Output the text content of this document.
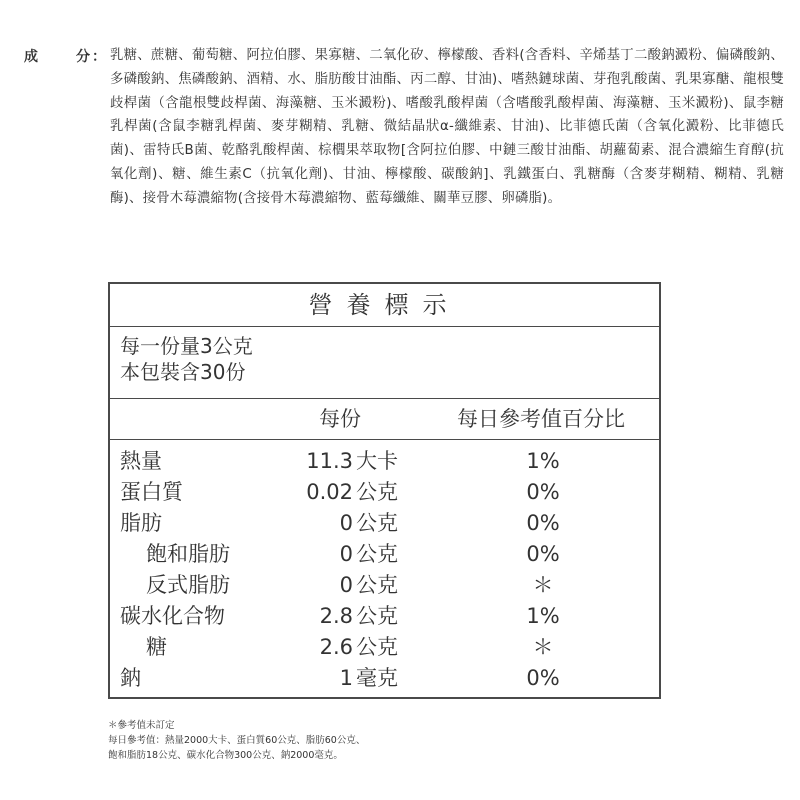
成	分 ： 乳糖、蔗糖、葡萄糖、阿拉伯膠、果寡糖、二氧化矽、檸檬酸、香料(含香料、辛烯基丁二酸鈉澱粉、偏磷酸鈉、多磷酸鈉、焦磷酸鈉、酒精、水、脂肪酸甘油酯、丙二醇、甘油)、嗜熱鏈球菌、芽孢乳酸菌、乳果寡醣、龍根雙歧桿菌（含龍根雙歧桿菌、海藻糖、玉米澱粉)、嗜酸乳酸桿菌（含嗜酸乳酸桿菌、海藻糖、玉米澱粉)、鼠李糖乳桿菌(含鼠李糖乳桿菌、麥芽糊精、乳糖、微結晶狀α-纖維素、甘油)、比菲德氏菌（含氧化澱粉、比菲德氏菌)、雷特氏B菌、乾酪乳酸桿菌、棕櫚果萃取物[含阿拉伯膠、中鏈三酸甘油酯、胡蘿蔔素、混合濃縮生育醇(抗氧化劑)、糖、維生素C（抗氧化劑)、甘油、檸檬酸、碳酸鈉]、乳鐵蛋白、乳糖酶（含麥芽糊精、糊精、乳糖酶)、接骨木莓濃縮物(含接骨木莓濃縮物、藍莓纖維、關華豆膠、卵磷脂)。
營養標示
每一份量3公克
本包裝含30份
每份	每日參考值百分比
熱量	11.3 大卡	1%
蛋白質	0.02 公克	0%
脂肪	0 公克	0%
飽和脂肪	0 公克	0%
反式脂肪	0 公克	＊
碳水化合物	2.8 公克	1%
糖	2.6 公克	＊
鈉	1 毫克	0%
＊參考值未訂定
每日參考值：熱量2000大卡、蛋白質60公克、脂肪60公克、
飽和脂肪18公克、碳水化合物300公克、鈉2000毫克。
